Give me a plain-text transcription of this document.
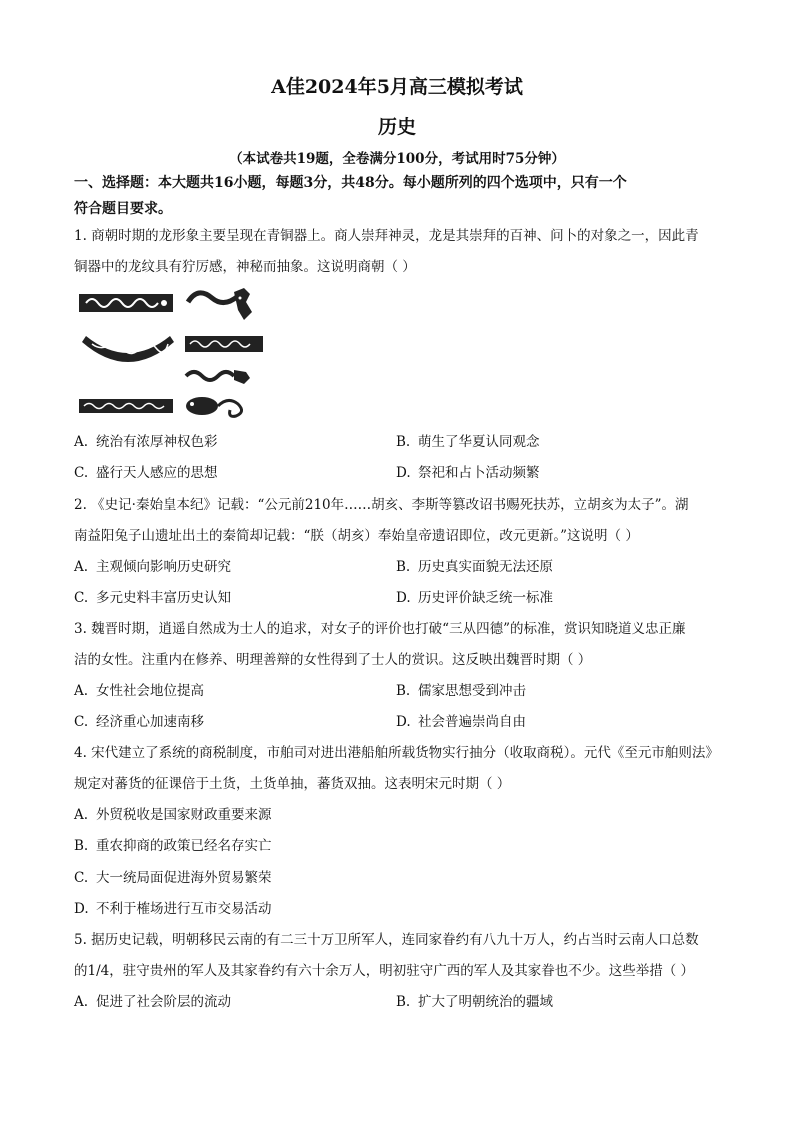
A佳2024年5月高三模拟考试
历史
（本试卷共19题，全卷满分100分，考试用时75分钟）
一、选择题：本大题共16小题，每题3分，共48分。每小题所列的四个选项中，只有一个
符合题目要求。
1. 商朝时期的龙形象主要呈现在青铜器上。商人崇拜神灵，龙是其崇拜的百神、问卜的对象之一，因此青
铜器中的龙纹具有狞厉感，神秘而抽象。这说明商朝（ ）
A. 统治有浓厚神权色彩	B. 萌生了华夏认同观念
C. 盛行天人感应的思想	D. 祭祀和占卜活动频繁
2. 《史记·秦始皇本纪》记载：“公元前210年……胡亥、李斯等篡改诏书赐死扶苏，立胡亥为太子”。湖
南益阳兔子山遗址出土的秦简却记载：“朕（胡亥）奉始皇帝遗诏即位，改元更新。”这说明（ ）
A. 主观倾向影响历史研究	B. 历史真实面貌无法还原
C. 多元史料丰富历史认知	D. 历史评价缺乏统一标准
3. 魏晋时期，逍遥自然成为士人的追求，对女子的评价也打破“三从四德”的标准，赏识知晓道义忠正廉
洁的女性。注重内在修养、明理善辩的女性得到了士人的赏识。这反映出魏晋时期（ ）
A. 女性社会地位提高	B. 儒家思想受到冲击
C. 经济重心加速南移	D. 社会普遍崇尚自由
4. 宋代建立了系统的商税制度，市舶司对进出港船舶所载货物实行抽分（收取商税）。元代《至元市舶则法》
规定对蕃货的征课倍于土货，土货单抽，蕃货双抽。这表明宋元时期（ ）
A. 外贸税收是国家财政重要来源
B. 重农抑商的政策已经名存实亡
C. 大一统局面促进海外贸易繁荣
D. 不利于榷场进行互市交易活动
5. 据历史记载，明朝移民云南的有二三十万卫所军人，连同家眷约有八九十万人，约占当时云南人口总数
的1/4，驻守贵州的军人及其家眷约有六十余万人，明初驻守广西的军人及其家眷也不少。这些举措（ ）
A. 促进了社会阶层的流动	B. 扩大了明朝统治的疆域
